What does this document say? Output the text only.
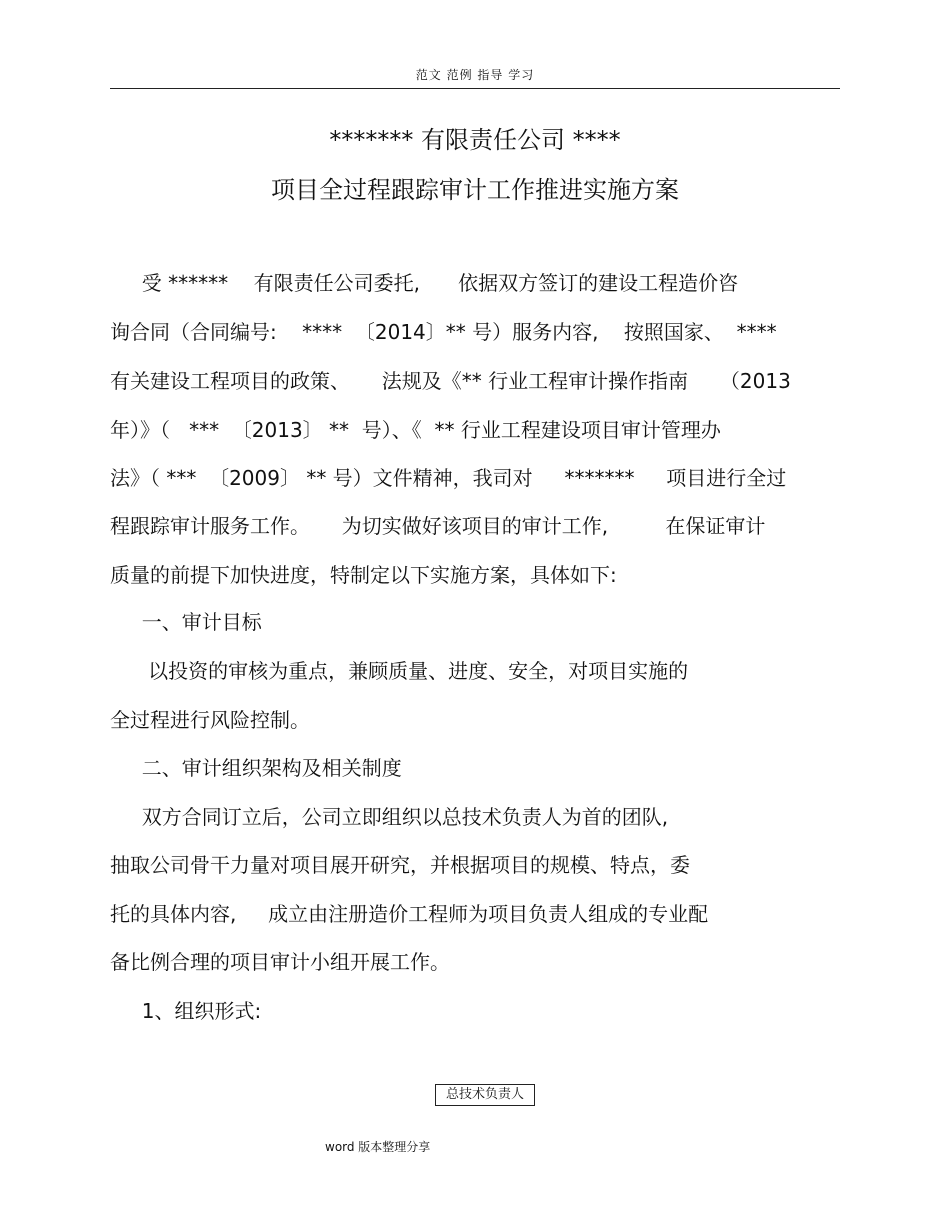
范文 范例 指导 学习
******* 有限责任公司 ****
项目全过程跟踪审计工作推进实施方案
受 ******    有限责任公司委托,      依据双方签订的建设工程造价咨
询合同（合同编号:    ****  〔2014〕** 号）服务内容,    按照国家、  ****
有关建设工程项目的政策、     法规及《** 行业工程审计操作指南     （2013
年）》（   ***  〔2013〕 **  号）、《  ** 行业工程建设项目审计管理办
法》（ ***  〔2009〕 ** 号）文件精神，我司对     *******     项目进行全过
程跟踪审计服务工作。     为切实做好该项目的审计工作,         在保证审计
质量的前提下加快进度，特制定以下实施方案，具体如下:
一、审计目标
以投资的审核为重点，兼顾质量、进度、安全，对项目实施的
全过程进行风险控制。
二、审计组织架构及相关制度
双方合同订立后，公司立即组织以总技术负责人为首的团队,
抽取公司骨干力量对项目展开研究，并根据项目的规模、特点，委
托的具体内容,     成立由注册造价工程师为项目负责人组成的专业配
备比例合理的项目审计小组开展工作。
1、组织形式:
总技术负责人
word 版本整理分享
